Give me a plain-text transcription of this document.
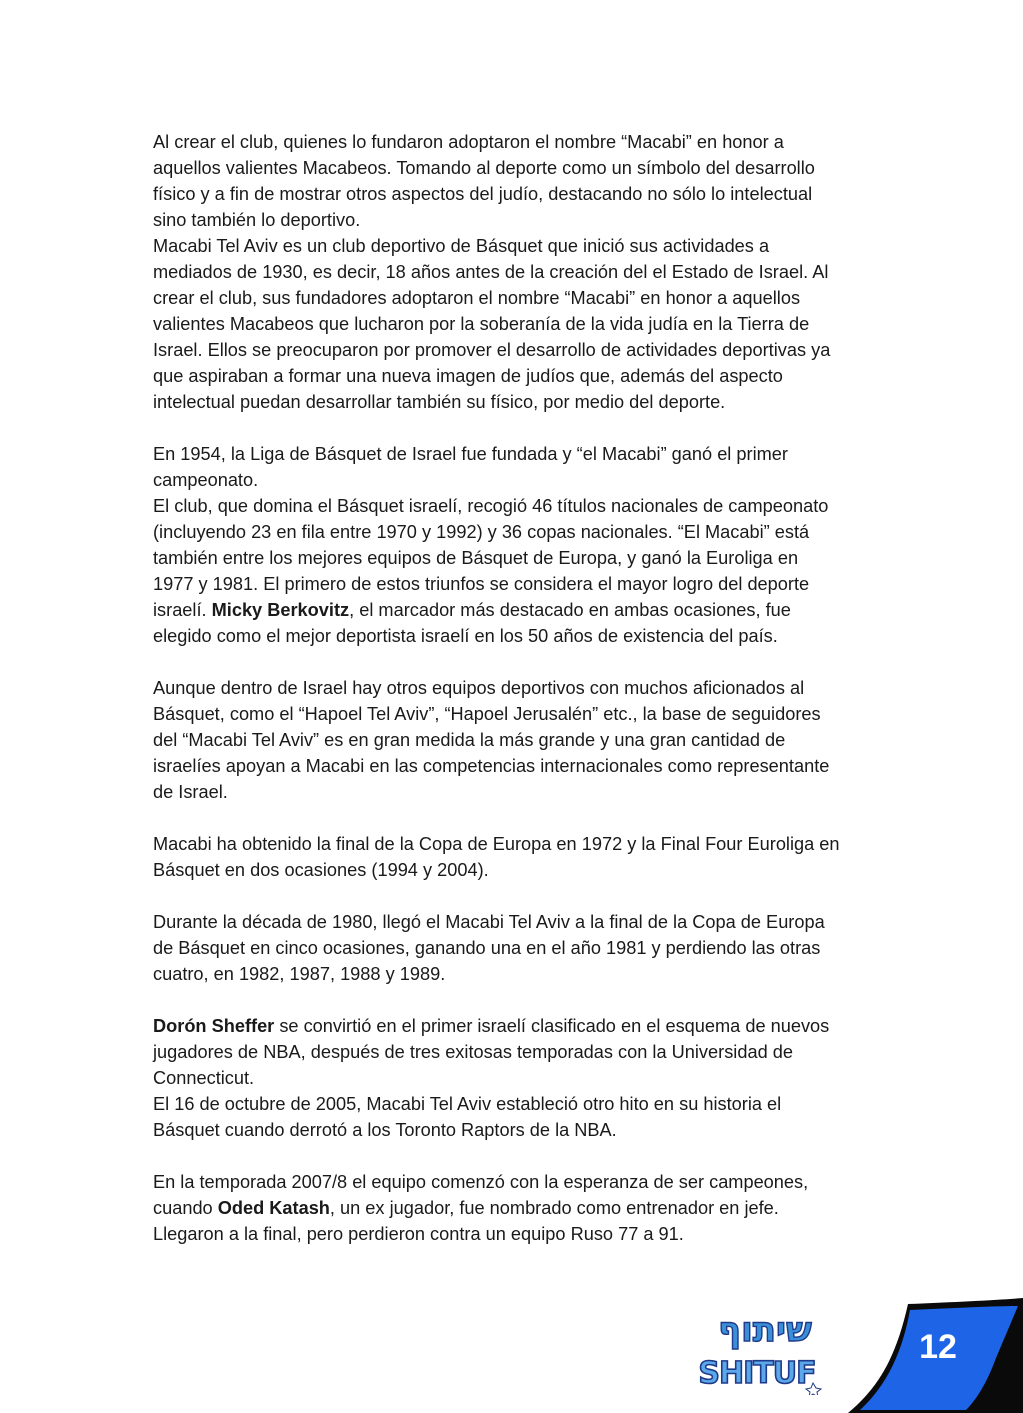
Al crear el club, quienes lo fundaron adoptaron el nombre “Macabi” en honor a

aquellos valientes Macabeos. Tomando al deporte como un símbolo del desarrollo

físico y a fin de mostrar otros aspectos del judío, destacando no sólo lo intelectual

sino también lo deportivo.

Macabi Tel Aviv es un club deportivo de Básquet que inició sus actividades a

mediados de 1930, es decir, 18 años antes de la creación del el Estado de Israel. Al

crear el club, sus fundadores adoptaron el nombre “Macabi” en honor a aquellos

valientes Macabeos que lucharon por la soberanía de la vida judía en la Tierra de

Israel. Ellos se preocuparon por promover el desarrollo de actividades deportivas ya

que aspiraban a formar una nueva imagen de judíos que, además del aspecto

intelectual puedan desarrollar también su físico, por medio del deporte.

En 1954, la Liga de Básquet de Israel fue fundada y “el Macabi” ganó el primer

campeonato.

El club, que domina el Básquet israelí, recogió 46 títulos nacionales de campeonato

(incluyendo 23 en fila entre 1970 y 1992) y 36 copas nacionales. “El Macabi” está

también entre los mejores equipos de Básquet de Europa, y ganó la Euroliga en

1977 y 1981. El primero de estos triunfos se considera el mayor logro del deporte

israelí. Micky Berkovitz, el marcador más destacado en ambas ocasiones, fue

elegido como el mejor deportista israelí en los 50 años de existencia del país.

Aunque dentro de Israel hay otros equipos deportivos con muchos aficionados al

Básquet, como el “Hapoel Tel Aviv”, “Hapoel Jerusalén” etc., la base de seguidores

del “Macabi Tel Aviv” es en gran medida la más grande y una gran cantidad de

israelíes apoyan a Macabi en las competencias internacionales como representante

de Israel.

Macabi ha obtenido la final de la Copa de Europa en 1972 y la Final Four Euroliga en

Básquet en dos ocasiones (1994 y 2004).

Durante la década de 1980, llegó el Macabi Tel Aviv a la final de la Copa de Europa

de Básquet en cinco ocasiones, ganando una en el año 1981 y perdiendo las otras

cuatro, en 1982, 1987, 1988 y 1989.

Dorón Sheffer se convirtió en el primer israelí clasificado en el esquema de nuevos

jugadores de NBA, después de tres exitosas temporadas con la Universidad de

Connecticut.

El 16 de octubre de 2005, Macabi Tel Aviv estableció otro hito en su historia el

Básquet cuando derrotó a los Toronto Raptors de la NBA.

En la temporada 2007/8 el equipo comenzó con la esperanza de ser campeones,

cuando Oded Katash, un ex jugador, fue nombrado como entrenador en jefe.

Llegaron a la final, pero perdieron contra un equipo Ruso 77 a 91.

שיתוף
SHITUF
12
